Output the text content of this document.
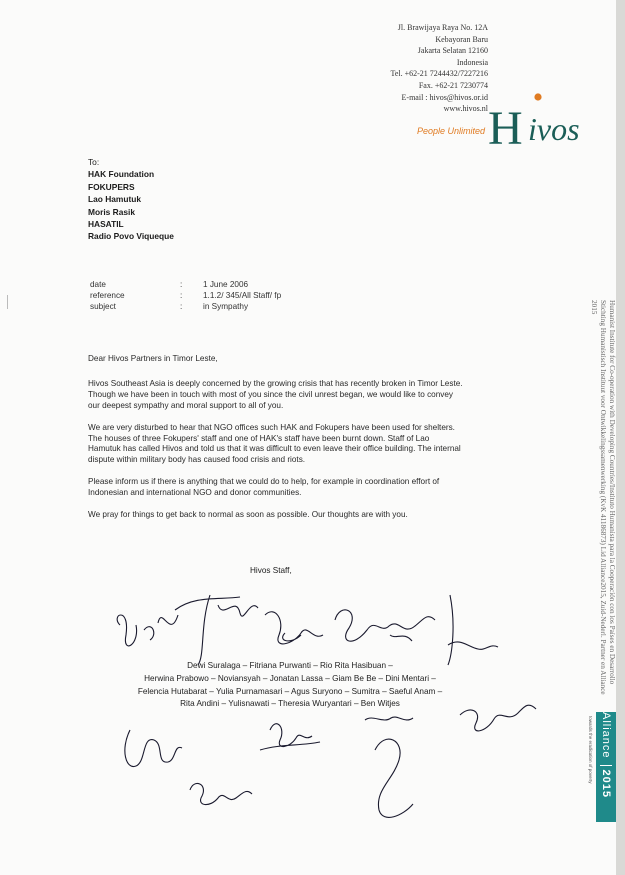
Jl. Brawijaya Raya No. 12A
Kebayoran Baru
Jakarta Selatan 12160
Indonesia
Tel. +62-21 7244432/7227216
Fax. +62-21 7230774
E-mail : hivos@hivos.or.id
www.hivos.nl
People Unlimited H ivos
To:
HAK Foundation
FOKUPERS
Lao Hamutuk
Moris Rasik
HASATIL
Radio Povo Viqueque
date	:	1 June 2006
reference	:	1.1.2/ 345/All Staff/ fp
subject	:	in Sympathy

Dear Hivos Partners in Timor Leste,

Hivos Southeast Asia is deeply concerned by the growing crisis that has recently broken in Timor Leste. Though we have been in touch with most of you since the civil unrest began, we would like to convey our deepest sympathy and moral support to all of you.

We are very disturbed to hear that NGO offices such HAK and Fokupers have been used for shelters. The houses of three Fokupers' staff and one of HAK's staff have been burnt down. Staff of Lao Hamutuk has called Hivos and told us that it was difficult to even leave their office building. The internal dispute within military body has caused food crisis and riots.

Please inform us if there is anything that we could do to help, for example in coordination effort of Indonesian and international NGO and donor communities.

We pray for things to get back to normal as soon as possible. Our thoughts are with you.

Hivos Staff,
Dewi Suralaga – Fitriana Purwanti – Rio Rita Hasibuan –
Herwina Prabowo – Noviansyah – Jonatan Lassa – Giam Be Be – Dini Mentari –
Felencia Hutabarat – Yulia Purnamasari – Agus Suryono – Sumitra – Saeful Anam –
Rita Andini – Yulisnawati – Theresia Wuryantari – Ben Witjes
Humanist Institute for Co-operation with Developing Countries/Instituto Humanista para la Cooperación con los Países en Desarrollo Stichting Humanistisch Instituut voor Ontwikkelingssamenwerking (KvK 41186873) Lid Alliance2015, Zuid-Nederl. Partner en Alliance 2015
towards the eradication of poverty Alliance2015
